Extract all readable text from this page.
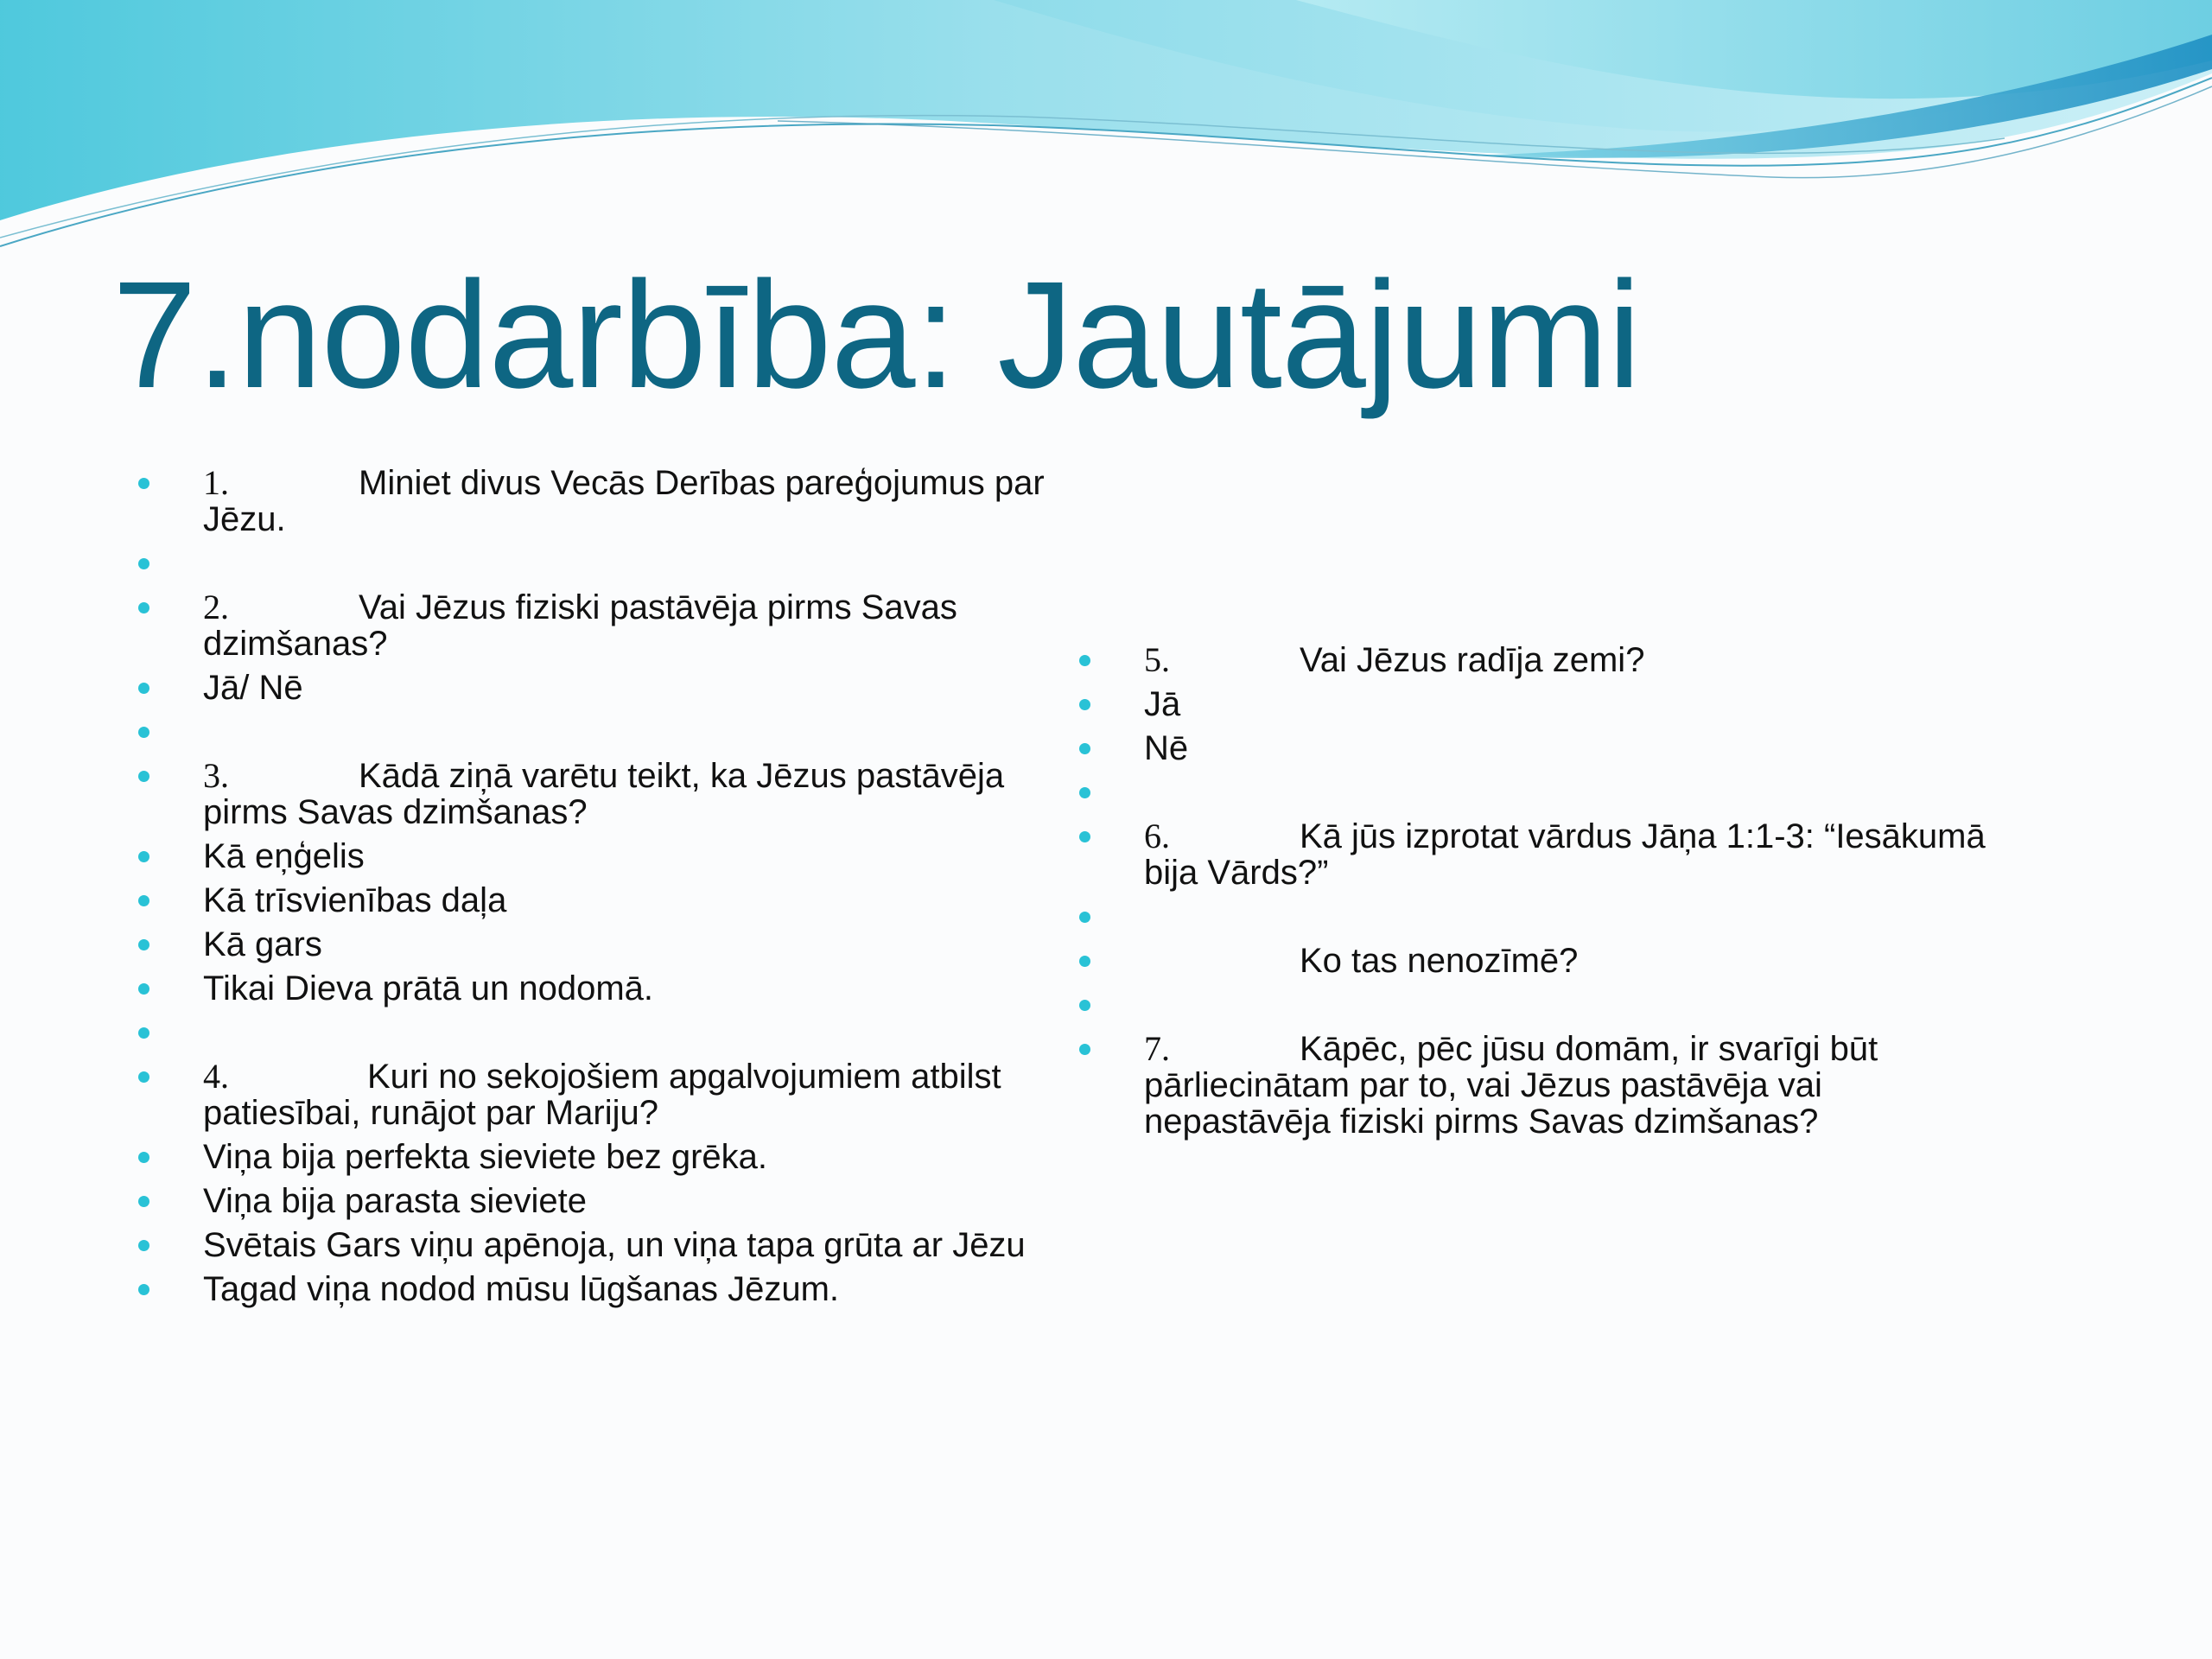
7.nodarbība: Jautājumi
1.	Miniet divus Vecās Derības pareģojumus par Jēzu.

2.	Vai Jēzus fiziski pastāvēja pirms Savas dzimšanas?
Jā/ Nē

3.	Kādā ziņā varētu teikt, ka Jēzus pastāvēja pirms Savas dzimšanas?
Kā eņģelis
Kā trīsvienības daļa
Kā gars
Tikai Dieva prātā un nodomā.

4.	Kuri no sekojošiem apgalvojumiem atbilst patiesībai, runājot par Mariju?
Viņa bija perfekta sieviete bez grēka.
Viņa bija parasta sieviete
Svētais Gars viņu apēnoja, un viņa tapa grūta ar Jēzu
Tagad viņa nodod mūsu lūgšanas Jēzum.
5.	Vai Jēzus radīja zemi?
Jā
Nē

6.	Kā jūs izprotat vārdus Jāņa 1:1-3: “Iesākumā bija Vārds?”

Ko tas nenozīmē?

7.	Kāpēc, pēc jūsu domām, ir svarīgi būt pārliecinātam par to, vai Jēzus pastāvēja vai nepastāvēja fiziski pirms Savas dzimšanas?
